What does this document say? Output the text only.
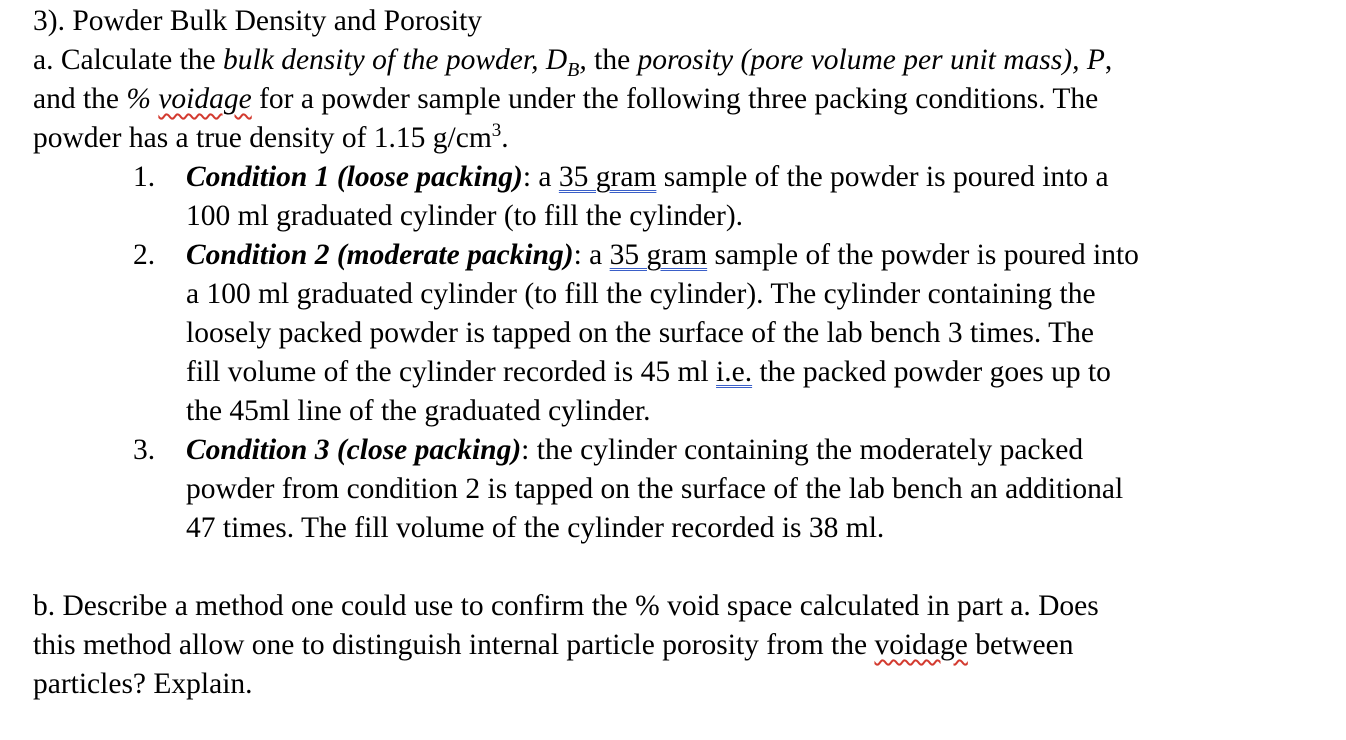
3). Powder Bulk Density and Porosity
a. Calculate the bulk density of the powder, $D_B$, the porosity (pore volume per unit mass), P,
and the % voidage for a powder sample under the following three packing conditions. The
powder has a true density of 1.15 $g/cm^3$.
1. Condition 1 (loose packing): a 35 gram sample of the powder is poured into a
100 ml graduated cylinder (to fill the cylinder).
2. Condition 2 (moderate packing): a 35 gram sample of the powder is poured into
a 100 ml graduated cylinder (to fill the cylinder). The cylinder containing the
loosely packed powder is tapped on the surface of the lab bench 3 times. The
fill volume of the cylinder recorded is 45 ml i.e. the packed powder goes up to
the 45ml line of the graduated cylinder.
3. Condition 3 (close packing): the cylinder containing the moderately packed
powder from condition 2 is tapped on the surface of the lab bench an additional
47 times. The fill volume of the cylinder recorded is 38 ml.
b. Describe a method one could use to confirm the % void space calculated in part a. Does
this method allow one to distinguish internal particle porosity from the voidage between
particles? Explain.
